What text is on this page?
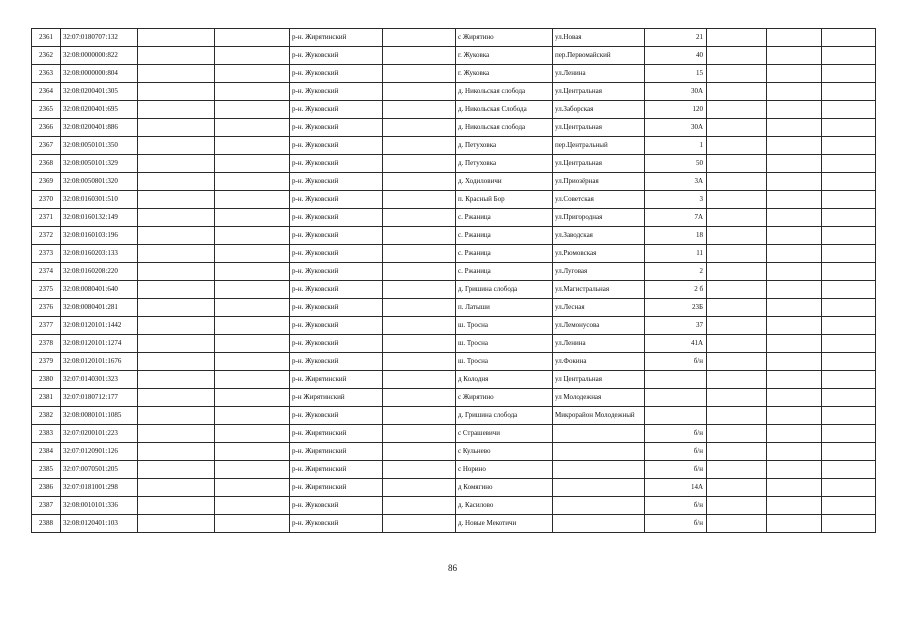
2361	32:07:0180707:132			р-н. Жирятинский		с Жирятино	ул.Новая	21			
2362	32:08:0000000:822			р-н. Жуковский		г. Жуковка	пер.Первомайский	40			
2363	32:08:0000000:804			р-н. Жуковский		г. Жуковка	ул.Ленина	15			
2364	32:08:0200401:305			р-н. Жуковский		д. Никольская слобода	ул.Центральная	30А			
2365	32:08:0200401:695			р-н. Жуковский		д. Никольская Слобода	ул.Заборская	120			
2366	32:08:0200401:886			р-н. Жуковский		д. Никольская слобода	ул.Центральная	30А			
2367	32:08:0050101:350			р-н. Жуковский		д. Петуховка	пер.Центральный	1			
2368	32:08:0050101:329			р-н. Жуковский		д. Петуховка	ул.Центральная	50			
2369	32:08:0050801:320			р-н. Жуковский		д. Ходиловичи	ул.Приозёрная	3А			
2370	32:08:0160301:510			р-н. Жуковский		п. Красный Бор	ул.Советская	3			
2371	32:08:0160132:149			р-н. Жуковский		с. Ржаница	ул.Пригородная	7А			
2372	32:08:0160103:196			р-н. Жуковский		с. Ржаница	ул.Заводская	18			
2373	32:08:0160203:133			р-н. Жуковский		с. Ржаница	ул.Рюмовская	11			
2374	32:08:0160208:220			р-н. Жуковский		с. Ржаница	ул.Луговая	2			
2375	32:08:0080401:640			р-н. Жуковский		д. Гришина слобода	ул.Магистральная	2 б			
2376	32:08:0080401:281			р-н. Жуковский		п. Латыши	ул.Лесная	23Б			
2377	32:08:0120101:1442			р-н. Жуковский		ш. Троснa	ул.Лемонусова	37			
2378	32:08:0120101:1274			р-н. Жуковский		ш. Троснa	ул.Ленина	41А			
2379	32:08:0120101:1676			р-н. Жуковский		ш. Троснa	ул.Фокина	б/н			
2380	32:07:0140301:323			р-н. Жирятинский		д Колодня	ул Центральная				
2381	32:07:0180712:177			р-н Жирятинский		с Жирятино	ул Молодежная				
2382	32:08:0080101:1085			р-н. Жуковский		д. Гришина слобода	Микрорайон Молодежный				
2383	32:07:0200101:223			р-н. Жирятинский		с Страшевичи		б/н			
2384	32:07:0120901:126			р-н. Жирятинский		с Кульнево		б/н			
2385	32:07:0070501:205			р-н. Жирятинский		с Норино		б/н			
2386	32:07:0181001:298			р-н. Жирятинский		д Комягино		14А			
2387	32:08:0010101:336			р-н. Жуковский		д. Касилово		б/н			
2388	32:08:0120401:103			р-н. Жуковский		д. Новые Мекотичи		б/н			
86
